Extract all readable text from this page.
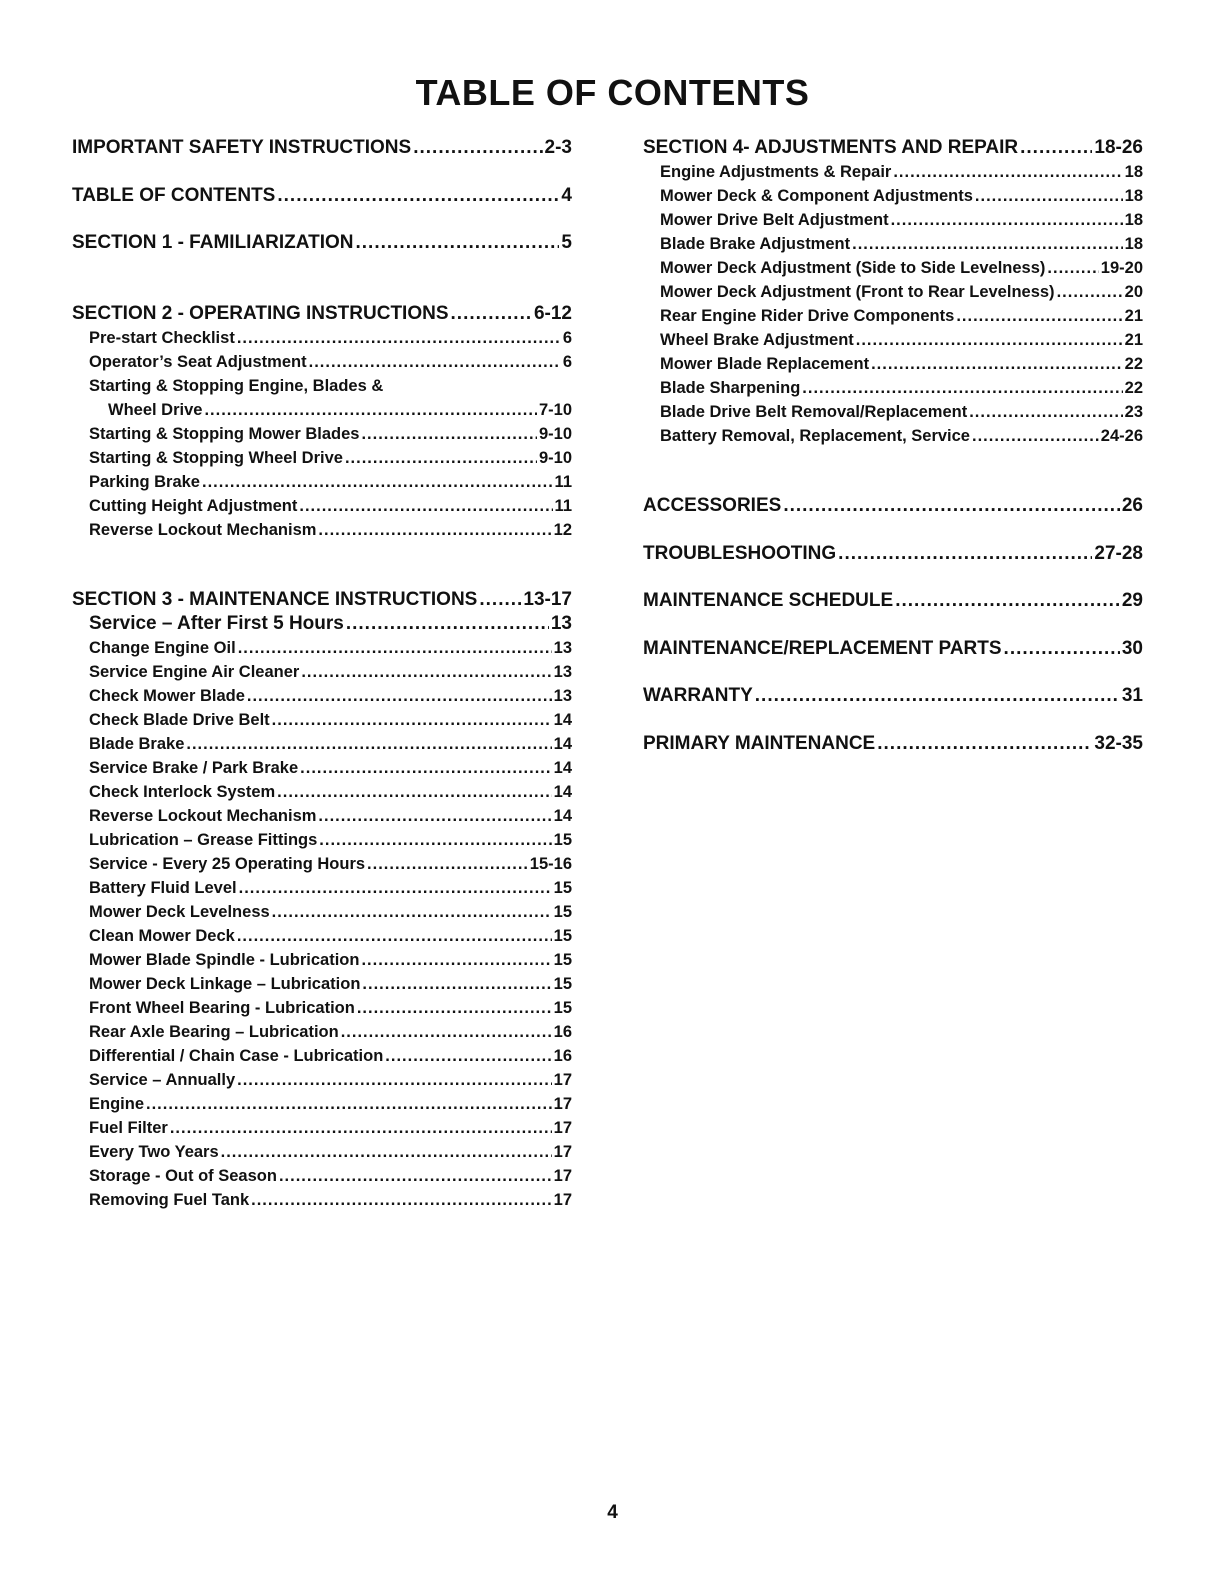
TABLE OF CONTENTS
IMPORTANT SAFETY INSTRUCTIONS .....	2-3
TABLE OF CONTENTS .....	4
SECTION 1 - FAMILIARIZATION .....	5
SECTION 2 - OPERATING INSTRUCTIONS .....	6-12
Pre-start Checklist .....	6
Operator’s Seat Adjustment .....	6
Starting & Stopping Engine, Blades &
Wheel Drive .....	7-10
Starting & Stopping Mower Blades .....	9-10
Starting & Stopping Wheel Drive .....	9-10
Parking Brake .....	11
Cutting Height Adjustment .....	11
Reverse Lockout Mechanism .....	12
SECTION 3 - MAINTENANCE INSTRUCTIONS ..... 13-17
Service – After First 5 Hours .....	13
Change Engine Oil .....	13
Service Engine Air Cleaner .....	13
Check Mower Blade .....	13
Check Blade Drive Belt .....	14
Blade Brake .....	14
Service Brake / Park Brake .....	14
Check Interlock System .....	14
Reverse Lockout Mechanism .....	14
Lubrication – Grease Fittings .....	15
Service - Every 25 Operating Hours .....	15-16
Battery Fluid Level .....	15
Mower Deck Levelness .....	15
Clean Mower Deck .....	15
Mower Blade Spindle - Lubrication .....	15
Mower Deck Linkage – Lubrication .....	15
Front Wheel Bearing - Lubrication .....	15
Rear Axle Bearing – Lubrication .....	16
Differential / Chain Case - Lubrication .....	16
Service – Annually .....	17
Engine .....	17
Fuel Filter .....	17
Every Two Years .....	17
Storage - Out of Season .....	17
Removing Fuel Tank .....	17
SECTION 4- ADJUSTMENTS AND REPAIR .....	18-26
Engine Adjustments & Repair .....	18
Mower Deck & Component Adjustments .....	18
Mower Drive Belt Adjustment .....	18
Blade Brake Adjustment .....	18
Mower Deck Adjustment (Side to Side Levelness) .....	19-20
Mower Deck Adjustment (Front to Rear Levelness) .....	20
Rear Engine Rider Drive Components .....	21
Wheel Brake Adjustment .....	21
Mower Blade Replacement .....	22
Blade Sharpening .....	22
Blade Drive Belt Removal/Replacement .....	23
Battery Removal, Replacement, Service .....	24-26
ACCESSORIES .....	26
TROUBLESHOOTING .....	27-28
MAINTENANCE SCHEDULE .....	29
MAINTENANCE/REPLACEMENT PARTS .....	30
WARRANTY .....	31
PRIMARY MAINTENANCE .....	32-35
4
